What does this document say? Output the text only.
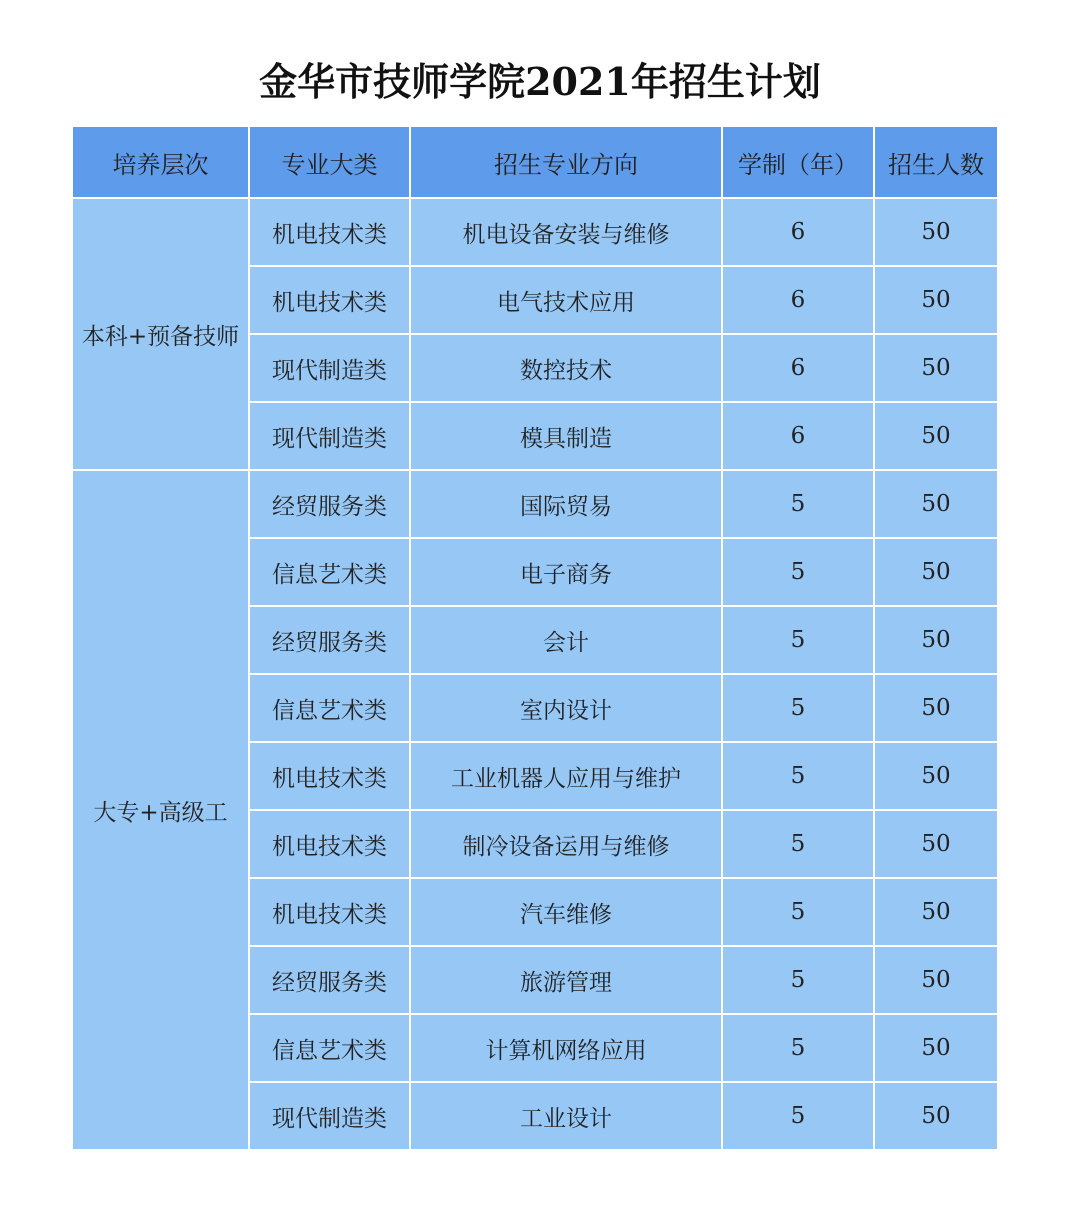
金华市技师学院2021年招生计划
培养层次	专业大类	招生专业方向	学制（年）	招生人数
本科+预备技师	机电技术类	机电设备安装与维修	6	50
	机电技术类	电气技术应用	6	50
	现代制造类	数控技术	6	50
	现代制造类	模具制造	6	50
大专+高级工	经贸服务类	国际贸易	5	50
	信息艺术类	电子商务	5	50
	经贸服务类	会计	5	50
	信息艺术类	室内设计	5	50
	机电技术类	工业机器人应用与维护	5	50
	机电技术类	制冷设备运用与维修	5	50
	机电技术类	汽车维修	5	50
	经贸服务类	旅游管理	5	50
	信息艺术类	计算机网络应用	5	50
	现代制造类	工业设计	5	50
